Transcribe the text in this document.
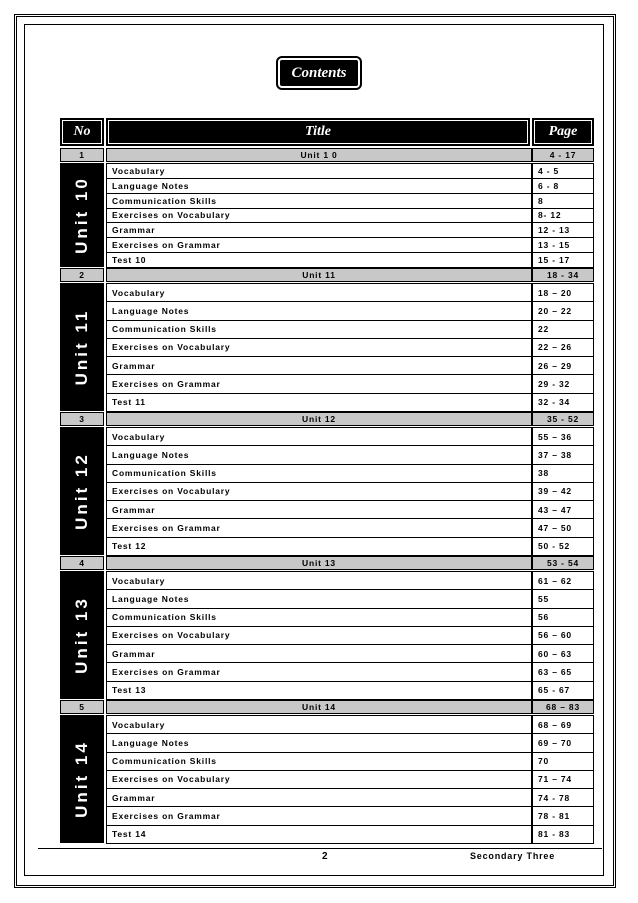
Contents
No	Title	Page
1	Unit 1 0	4 - 17
Unit 10
Vocabulary	4 - 5
Language Notes	6 - 8
Communication Skills	8
Exercises on Vocabulary	8- 12
Grammar	12 - 13
Exercises on Grammar	13 - 15
Test 10	15 - 17
2	Unit 11	18 - 34
Unit 11
Vocabulary	18 – 20
Language Notes	20 – 22
Communication Skills	22
Exercises on Vocabulary	22 – 26
Grammar	26 – 29
Exercises on Grammar	29 - 32
Test 11	32 - 34
3	Unit 12	35 - 52
Unit 12
Vocabulary	55 – 36
Language Notes	37 – 38
Communication Skills	38
Exercises on Vocabulary	39 – 42
Grammar	43 – 47
Exercises on Grammar	47 – 50
Test 12	50 - 52
4	Unit 13	53 - 54
Unit 13
Vocabulary	61 – 62
Language Notes	55
Communication Skills	56
Exercises on Vocabulary	56 – 60
Grammar	60 – 63
Exercises on Grammar	63 – 65
Test 13	65 - 67
5	Unit 14	68 – 83
Unit 14
Vocabulary	68 – 69
Language Notes	69 – 70
Communication Skills	70
Exercises on Vocabulary	71 – 74
Grammar	74 - 78
Exercises on Grammar	78 - 81
Test 14	81 - 83
2	Secondary Three
